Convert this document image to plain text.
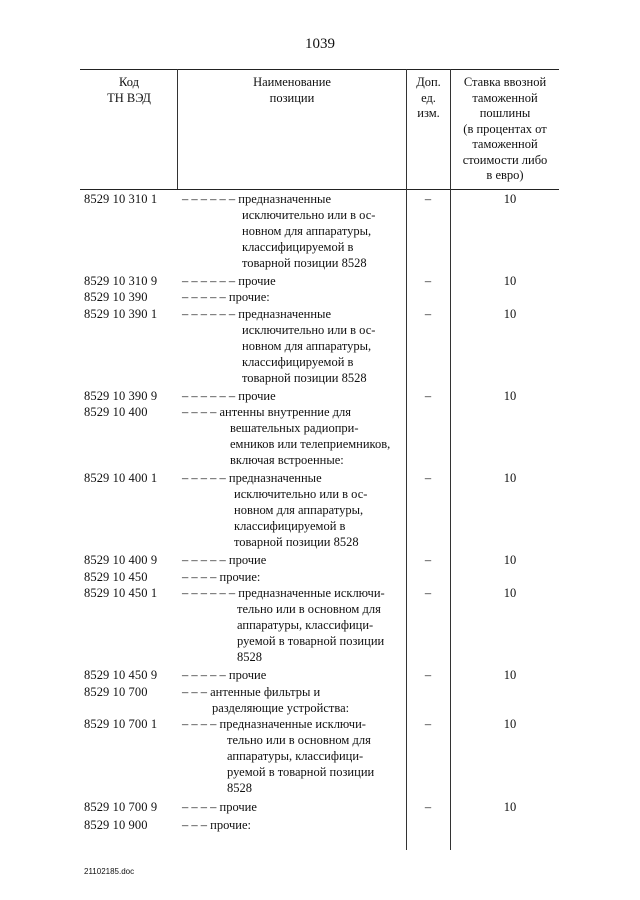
1039
Код
ТН ВЭД
Наименование
позиции
Доп.
ед.
изм.
Ставка ввозной
таможенной
пошлины
(в процентах от
таможенной
стоимости либо
в евро)
8529 10 310 1 – – – – – – предназначенные
исключительно или в ос-
новном для аппаратуры,
классифицируемой в
товарной позиции 8528
–	10
8529 10 310 9 – – – – – – прочие	–	10
8529 10 390	– – – – – прочие:
8529 10 390 1 – – – – – – предназначенные
исключительно или в ос-
новном для аппаратуры,
классифицируемой в
товарной позиции 8528
–	10
8529 10 390 9 – – – – – – прочие	–	10
8529 10 400	– – – – антенны внутренние для
вешательных радиопри-
емников или телеприемников,
включая встроенные:
8529 10 400 1 – – – – – предназначенные
исключительно или в ос-
новном для аппаратуры,
классифицируемой в
товарной позиции 8528
–	10
8529 10 400 9 – – – – – прочие	–	10
8529 10 450	– – – – прочие:
8529 10 450 1 – – – – – – предназначенные исключи-
тельно или в основном для
аппаратуры, классифици-
руемой в товарной позиции
8528
–	10
8529 10 450 9 – – – – – прочие	–	10
8529 10 700	– – – антенные фильтры и
разделяющие устройства:
8529 10 700 1 – – – – предназначенные исключи-
тельно или в основном для
аппаратуры, классифици-
руемой в товарной позиции
8528
–	10
8529 10 700 9 – – – – прочие	–	10
8529 10 900	– – – прочие:
21102185.doc
